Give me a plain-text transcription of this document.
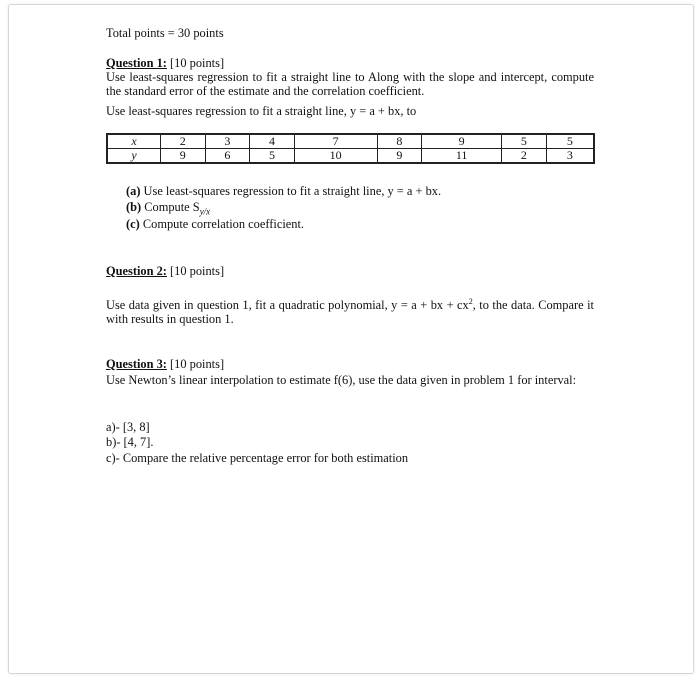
Total points = 30 points
Question 1: [10 points]
Use least-squares regression to fit a straight line to Along with the slope and intercept, compute the standard error of the estimate and the correlation coefficient.
Use least-squares regression to fit a straight line, y = a + bx, to
x	2	3	4	7	8	9	5	5
y	9	6	5	10	9	11	2	3
(a) Use least-squares regression to fit a straight line, y = a + bx.
(b) Compute $S_{y/x}$
(c) Compute correlation coefficient.
Question 2: [10 points]
Use data given in question 1, fit a quadratic polynomial, y = a + bx + $cx^2$, to the data. Compare it with results in question 1.
Question 3: [10 points]
Use Newton’s linear interpolation to estimate f(6), use the data given in problem 1 for interval:
a)- [3, 8]
b)- [4, 7].
c)- Compare the relative percentage error for both estimation
